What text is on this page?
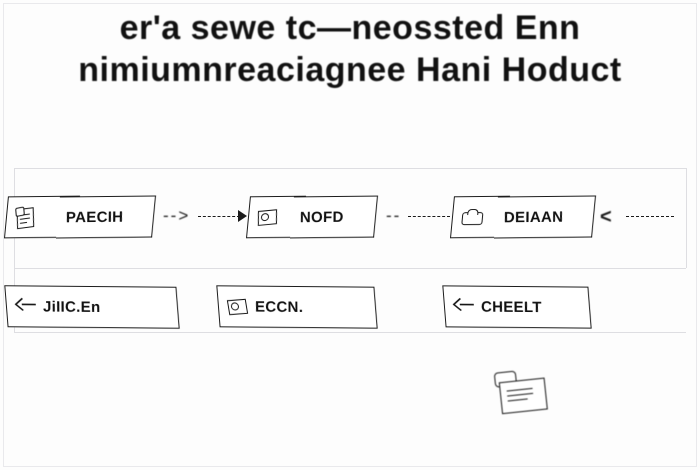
er'a sewe tc—neossted Enn
nimiumnreaciagnee Hani Hoduct
PAECIH -->	NOFD --	DEIAAN <
JiIIC.En	ECCN.	CHEELT
